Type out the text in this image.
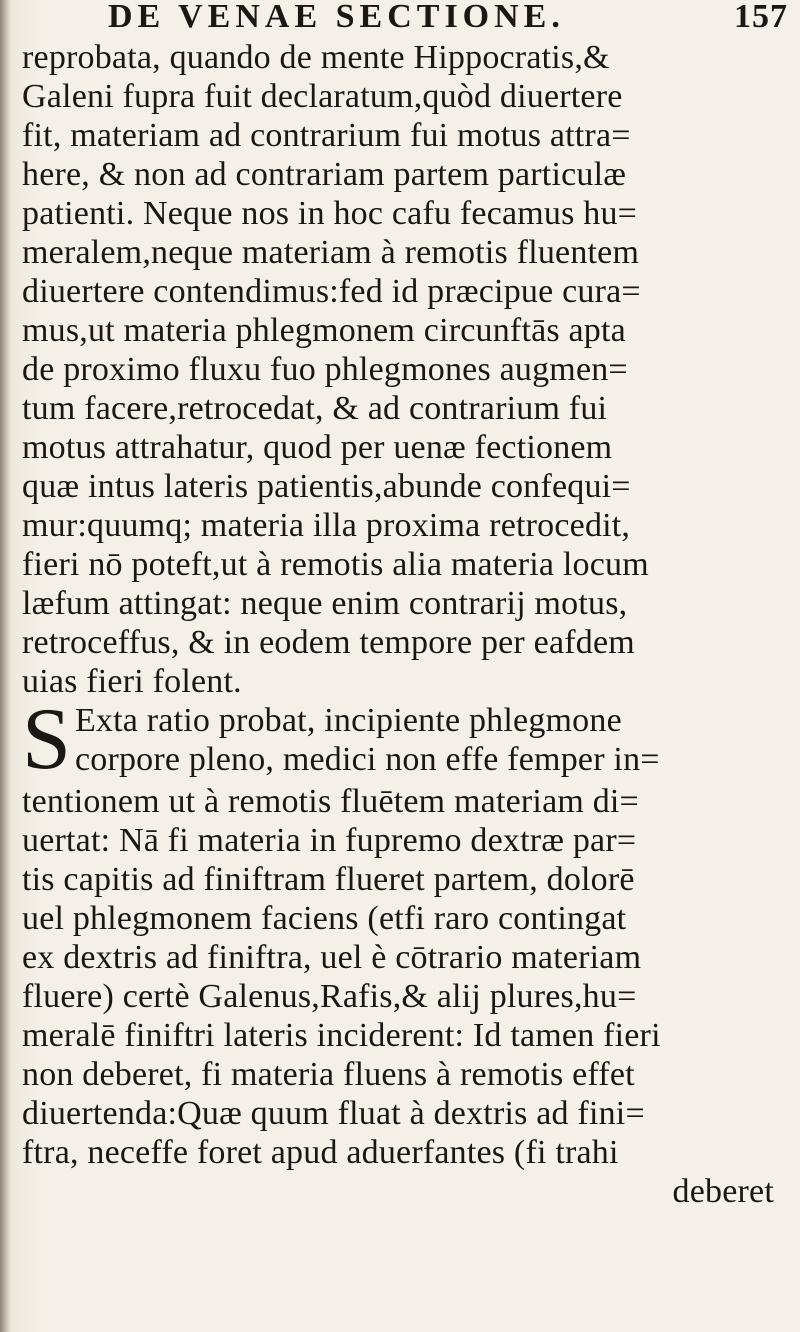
DE VENAE SECTIONE.	157
reprobata, quando de mente Hippocratis,&
Galeni fupra fuit declaratum,quòd diuertere
fit, materiam ad contrarium fui motus attra=
here, & non ad contrariam partem particulæ
patienti. Neque nos in hoc cafu fecamus hu=
meralem,neque materiam à remotis fluentem
diuertere contendimus:fed id præcipue cura=
mus,ut materia phlegmonem circunftās apta
de proximo fluxu fuo phlegmones augmen=
tum facere,retrocedat, & ad contrarium fui
motus attrahatur, quod per uenæ fectionem
quæ intus lateris patientis,abunde confequi=
mur:quumq; materia illa proxima retrocedit,
fieri nō poteft,ut à remotis alia materia locum
læfum attingat: neque enim contrarij motus,
retroceffus, & in eodem tempore per eafdem
uias fieri folent.
S Exta ratio probat, incipiente phlegmone
corpore pleno, medici non effe femper in=
tentionem ut à remotis fluētem materiam di=
uertat: Nā fi materia in fupremo dextræ par=
tis capitis ad finiftram flueret partem, dolorē
uel phlegmonem faciens (etfi raro contingat
ex dextris ad finiftra, uel è cōtrario materiam
fluere) certè Galenus,Rafis,& alij plures,hu=
meralē finiftri lateris inciderent: Id tamen fieri
non deberet, fi materia fluens à remotis effet
diuertenda:Quæ quum fluat à dextris ad fini=
ftra, neceffe foret apud aduerfantes (fi trahi
deberet
